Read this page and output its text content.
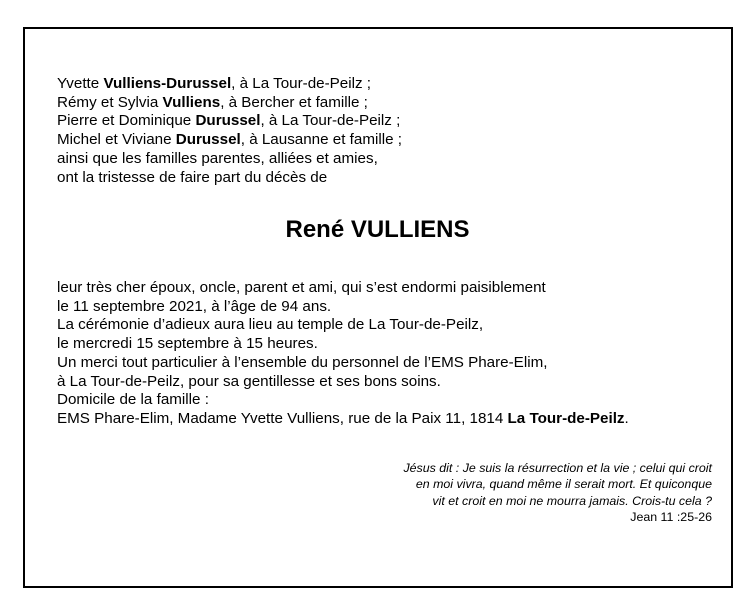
Yvette Vulliens-Durussel, à La Tour-de-Peilz ;
Rémy et Sylvia Vulliens, à Bercher et famille ;
Pierre et Dominique Durussel, à La Tour-de-Peilz ;
Michel et Viviane Durussel, à Lausanne et famille ;
ainsi que les familles parentes, alliées et amies,
ont la tristesse de faire part du décès de
René VULLIENS
leur très cher époux, oncle, parent et ami, qui s’est endormi paisiblement
le 11 septembre 2021, à l’âge de 94 ans.
La cérémonie d’adieux aura lieu au temple de La Tour-de-Peilz,
le mercredi 15 septembre à 15 heures.
Un merci tout particulier à l’ensemble du personnel de l’EMS Phare-Elim,
à La Tour-de-Peilz, pour sa gentillesse et ses bons soins.
Domicile de la famille :
EMS Phare-Elim, Madame Yvette Vulliens, rue de la Paix 11, 1814 La Tour-de-Peilz.
Jésus dit : Je suis la résurrection et la vie ; celui qui croit
en moi vivra, quand même il serait mort. Et quiconque
vit et croit en moi ne mourra jamais. Crois-tu cela ?
Jean 11 :25-26
